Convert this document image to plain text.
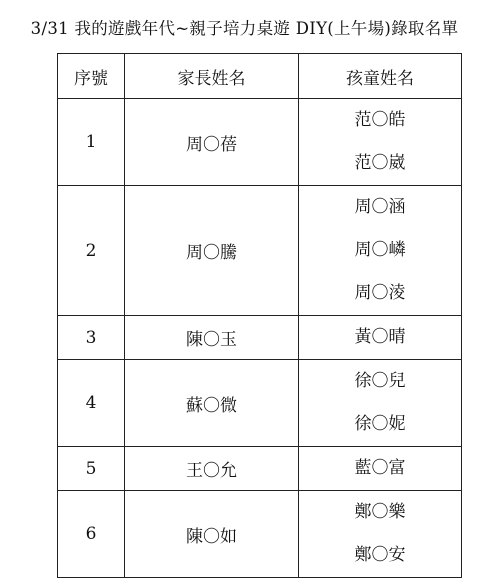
3/31 我的遊戲年代~親子培力桌遊 DIY(上午場)錄取名單
序號	家長姓名	孩童姓名
1	周〇蓓	范〇皓
范〇崴

2	周〇騰	周〇涵
周〇嶙
周〇淩

3	陳〇玉	黃〇晴

4	蘇〇微	徐〇兒
徐〇妮

5	王〇允	藍〇富

6	陳〇如	鄭〇樂
鄭〇安
